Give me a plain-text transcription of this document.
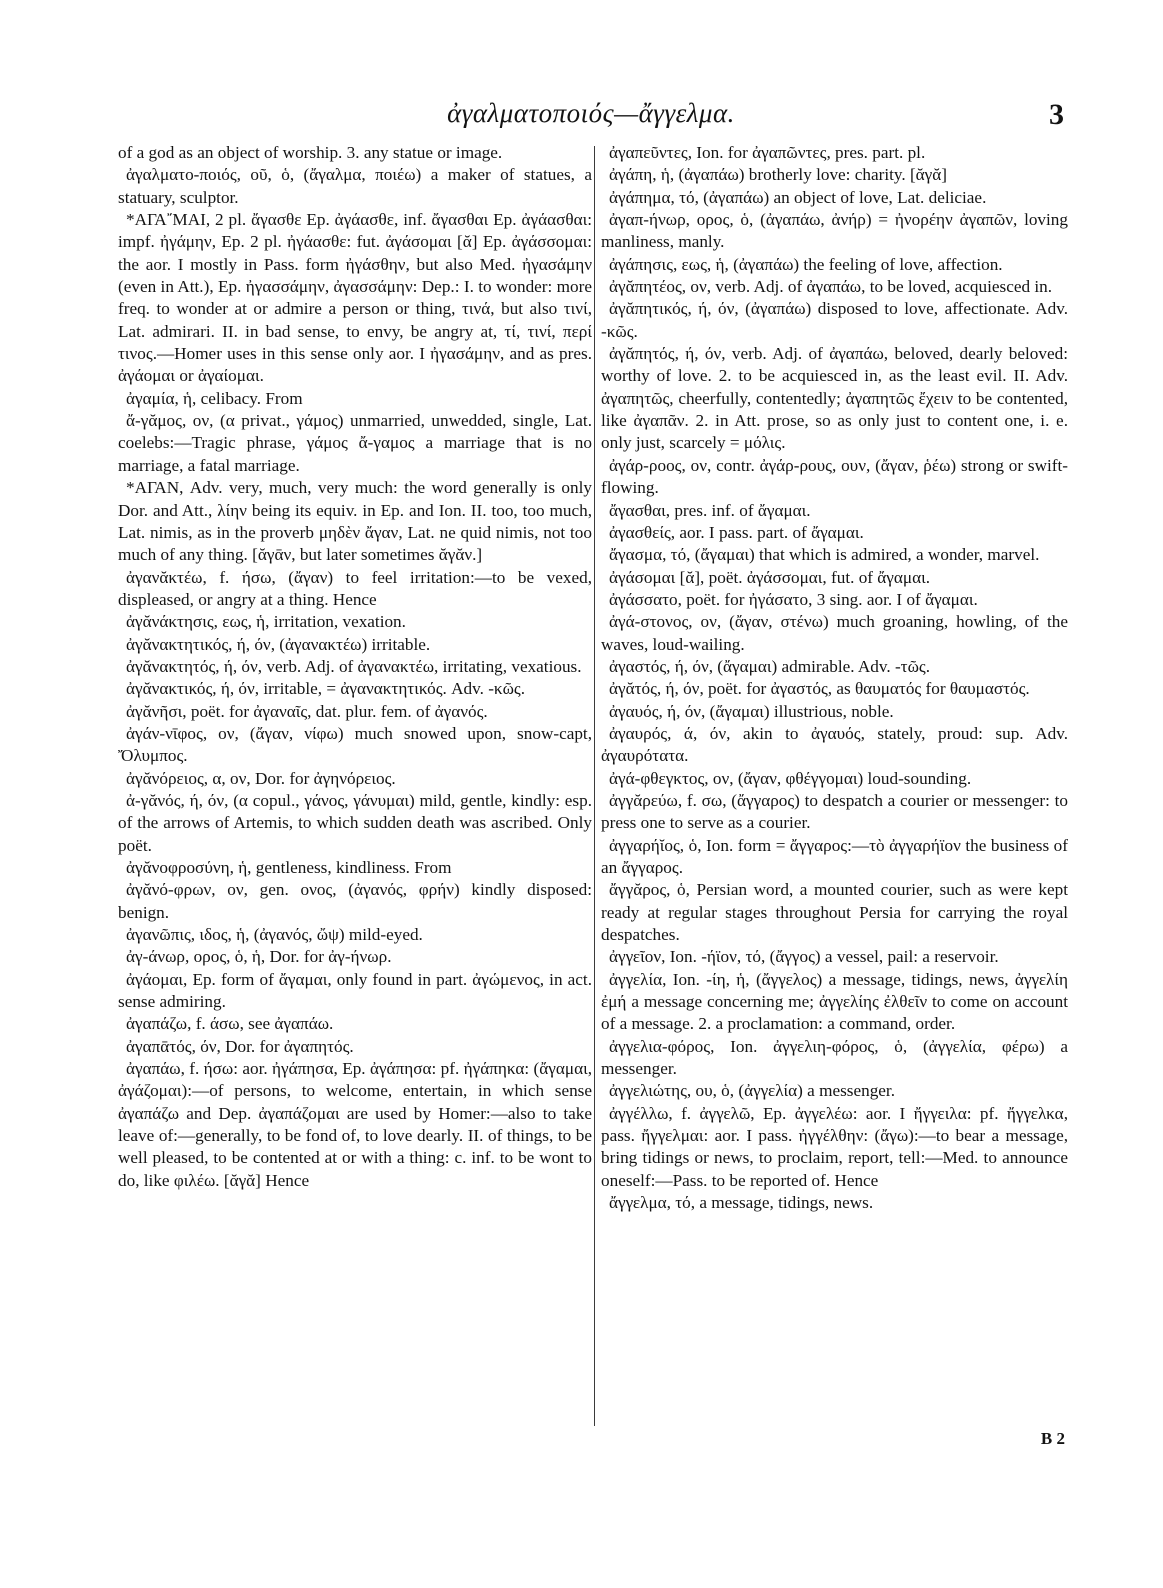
ἀγαλματοποιός—ἄγγελμα.	3

of a god as an object of worship. 3. any statue or image.

ἀγαλματο-ποιός, οῦ, ὁ, (ἄγαλμα, ποιέω) a maker of statues, a statuary, sculptor.

*ΑΓΑ῎ΜΑΙ, 2 pl. ἄγασθε Ep. ἀγάασθε, inf. ἄγασθαι Ep. ἀγάασθαι: impf. ἠγάμην, Ep. 2 pl. ἠγάασθε: fut. ἀγάσομαι [ᾰ] Ep. ἀγάσσομαι: the aor. I mostly in Pass. form ἠγάσθην, but also Med. ἠγασάμην (even in Att.), Ep. ἠγασσάμην, ἀγασσάμην: Dep.: I. to wonder: more freq. to wonder at or admire a person or thing, τινά, but also τινί, Lat. admirari. II. in bad sense, to envy, be angry at, τί, τινί, περί τινος.—Homer uses in this sense only aor. I ἠγασάμην, and as pres. ἀγάομαι or ἀγαίομαι.

ἀγαμία, ἡ, celibacy. From

ἄ-γᾰμος, ον, (α privat., γάμος) unmarried, unwedded, single, Lat. coelebs:—Tragic phrase, γάμος ἄ-γαμος a marriage that is no marriage, a fatal marriage.

*ΑΓΑΝ, Adv. very, much, very much: the word generally is only Dor. and Att., λίην being its equiv. in Ep. and Ion. II. too, too much, Lat. nimis, as in the proverb μηδὲν ἄγαν, Lat. ne quid nimis, not too much of any thing. [ᾰγᾱν, but later sometimes ᾰγᾰν.]

ἀγανᾰκτέω, f. ήσω, (ἄγαν) to feel irritation:—to be vexed, displeased, or angry at a thing. Hence

ἀγᾰνάκτησις, εως, ἡ, irritation, vexation.

ἀγᾰνακτητικός, ή, όν, (ἀγανακτέω) irritable.

ἀγᾰνακτητός, ή, όν, verb. Adj. of ἀγανακτέω, irritating, vexatious.

ἀγᾰνακτικός, ή, όν, irritable, = ἀγανακτητικός. Adv. -κῶς.

ἀγᾰνῆσι, poët. for ἀγαναῖς, dat. plur. fem. of ἀγανός.

ἀγάν-νῑφος, ον, (ἄγαν, νίφω) much snowed upon, snow-capt, Ὄλυμπος.

ἀγᾰνόρειος, α, ον, Dor. for ἀγηνόρειος.

ἀ-γᾰνός, ή, όν, (α copul., γάνος, γάνυμαι) mild, gentle, kindly: esp. of the arrows of Artemis, to which sudden death was ascribed. Only poët.

ἀγᾰνοφροσύνη, ἡ, gentleness, kindliness. From

ἀγᾰνό-φρων, ον, gen. ονος, (ἀγανός, φρήν) kindly disposed: benign.

ἀγανῶπις, ιδος, ἡ, (ἀγανός, ὤψ) mild-eyed.

ἀγ-άνωρ, ορος, ὁ, ἡ, Dor. for ἀγ-ήνωρ.

ἀγάομαι, Ep. form of ἄγαμαι, only found in part. ἀγώμενος, in act. sense admiring.

ἀγαπάζω, f. άσω, see ἀγαπάω.

ἀγαπᾱτός, όν, Dor. for ἀγαπητός.

ἀγαπάω, f. ήσω: aor. ἠγάπησα, Ep. ἀγάπησα: pf. ἠγάπηκα: (ἄγαμαι, ἀγάζομαι):—of persons, to welcome, entertain, in which sense ἀγαπάζω and Dep. ἀγαπάζομαι are used by Homer:—also to take leave of:—generally, to be fond of, to love dearly. II. of things, to be well pleased, to be contented at or with a thing: c. inf. to be wont to do, like φιλέω. [ᾰγᾰ] Hence

ἀγαπεῦντες, Ion. for ἀγαπῶντες, pres. part. pl.

ἀγάπη, ἡ, (ἀγαπάω) brotherly love: charity. [ᾰγᾰ]

ἀγάπημα, τό, (ἀγαπάω) an object of love, Lat. deliciae.

ἀγαπ-ήνωρ, ορος, ὁ, (ἀγαπάω, ἀνήρ) = ἠνορέην ἀγαπῶν, loving manliness, manly.

ἀγάπησις, εως, ἡ, (ἀγαπάω) the feeling of love, affection.

ἀγᾰπητέος, ον, verb. Adj. of ἀγαπάω, to be loved, acquiesced in.

ἀγᾰπητικός, ή, όν, (ἀγαπάω) disposed to love, affectionate. Adv. -κῶς.

ἀγᾰπητός, ή, όν, verb. Adj. of ἀγαπάω, beloved, dearly beloved: worthy of love. 2. to be acquiesced in, as the least evil. II. Adv. ἀγαπητῶς, cheerfully, contentedly; ἀγαπητῶς ἔχειν to be contented, like ἀγαπᾶν. 2. in Att. prose, so as only just to content one, i. e. only just, scarcely = μόλις.

ἀγάρ-ροος, ον, contr. ἀγάρ-ρους, ουν, (ἄγαν, ῥέω) strong or swift-flowing.

ἄγασθαι, pres. inf. of ἄγαμαι.

ἀγασθείς, aor. I pass. part. of ἄγαμαι.

ἄγασμα, τό, (ἄγαμαι) that which is admired, a wonder, marvel.

ἀγάσομαι [ᾰ], poët. ἀγάσσομαι, fut. of ἄγαμαι.

ἀγάσσατο, poët. for ἠγάσατο, 3 sing. aor. I of ἄγαμαι.

ἀγά-στονος, ον, (ἄγαν, στένω) much groaning, howling, of the waves, loud-wailing.

ἀγαστός, ή, όν, (ἄγαμαι) admirable. Adv. -τῶς.

ἀγᾰτός, ή, όν, poët. for ἀγαστός, as θαυματός for θαυμαστός.

ἀγαυός, ή, όν, (ἄγαμαι) illustrious, noble.

ἀγαυρός, ά, όν, akin to ἀγαυός, stately, proud: sup. Adv. ἀγαυρότατα.

ἀγά-φθεγκτος, ον, (ἄγαν, φθέγγομαι) loud-sounding.

ἀγγᾰρεύω, f. σω, (ἄγγαρος) to despatch a courier or messenger: to press one to serve as a courier.

ἀγγαρήῐος, ὁ, Ion. form = ἄγγαρος:—τὸ ἀγγαρήϊον the business of an ἄγγαρος.

ἄγγᾰρος, ὁ, Persian word, a mounted courier, such as were kept ready at regular stages throughout Persia for carrying the royal despatches.

ἀγγεῖον, Ion. -ήϊον, τό, (ἄγγος) a vessel, pail: a reservoir.

ἀγγελία, Ion. -ίη, ἡ, (ἄγγελος) a message, tidings, news, ἀγγελίη ἐμή a message concerning me; ἀγγελίης ἐλθεῖν to come on account of a message. 2. a proclamation: a command, order.

ἀγγελια-φόρος, Ion. ἀγγελιη-φόρος, ὁ, (ἀγγελία, φέρω) a messenger.

ἀγγελιώτης, ου, ὁ, (ἀγγελία) a messenger.

ἀγγέλλω, f. ἀγγελῶ, Ep. ἀγγελέω: aor. I ἤγγειλα: pf. ἤγγελκα, pass. ἤγγελμαι: aor. I pass. ἠγγέλθην: (ἄγω):—to bear a message, bring tidings or news, to proclaim, report, tell:—Med. to announce oneself:—Pass. to be reported of. Hence

ἄγγελμα, τό, a message, tidings, news.

B 2
